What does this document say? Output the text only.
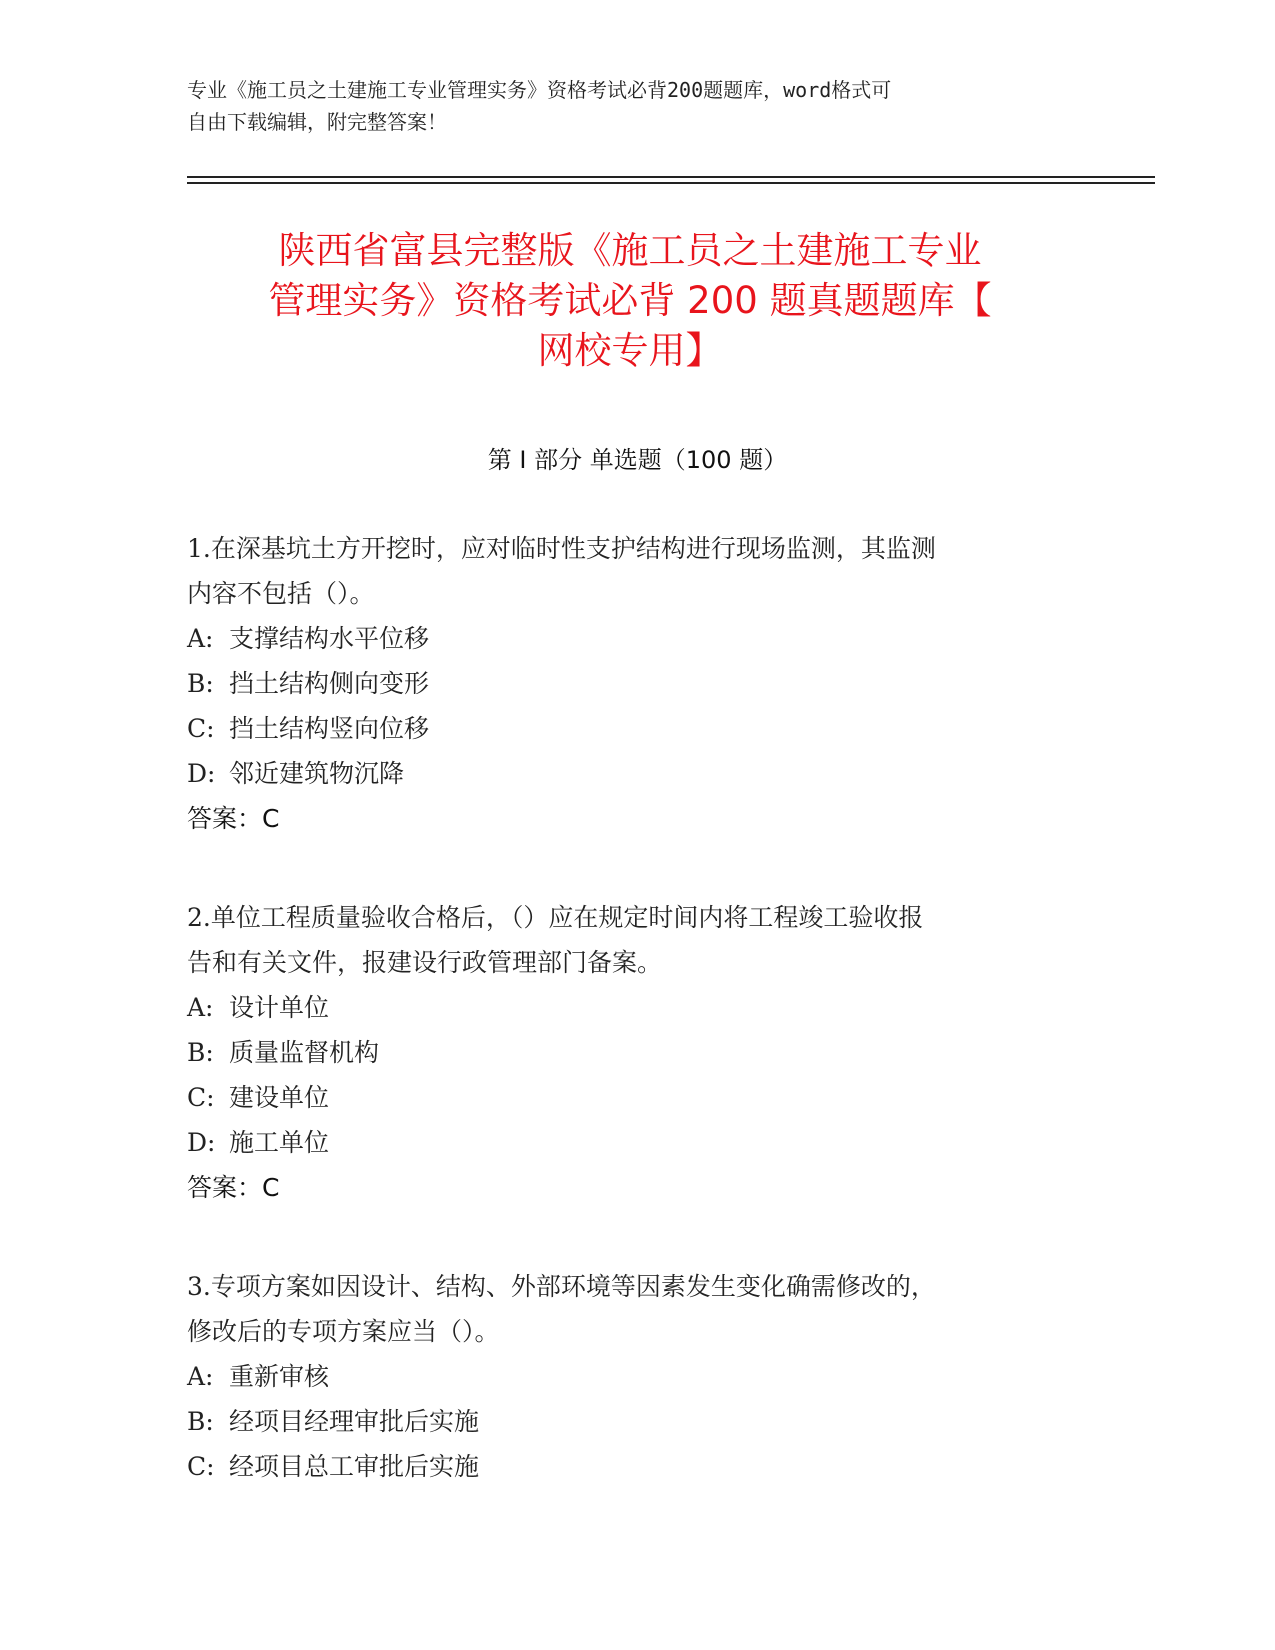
专业《施工员之土建施工专业管理实务》资格考试必背200题题库，word格式可
自由下载编辑，附完整答案！
陕西省富县完整版《施工员之土建施工专业
管理实务》资格考试必背 200 题真题题库【
网校专用】
第 I 部分 单选题（100 题）
1.在深基坑土方开挖时，应对临时性支护结构进行现场监测，其监测
内容不包括（）。
A: 支撑结构水平位移
B: 挡土结构侧向变形
C: 挡土结构竖向位移
D: 邻近建筑物沉降
答案：C
2.单位工程质量验收合格后，（）应在规定时间内将工程竣工验收报
告和有关文件，报建设行政管理部门备案。
A: 设计单位
B: 质量监督机构
C: 建设单位
D: 施工单位
答案：C
3.专项方案如因设计、结构、外部环境等因素发生变化确需修改的，
修改后的专项方案应当（）。
A: 重新审核
B: 经项目经理审批后实施
C: 经项目总工审批后实施
